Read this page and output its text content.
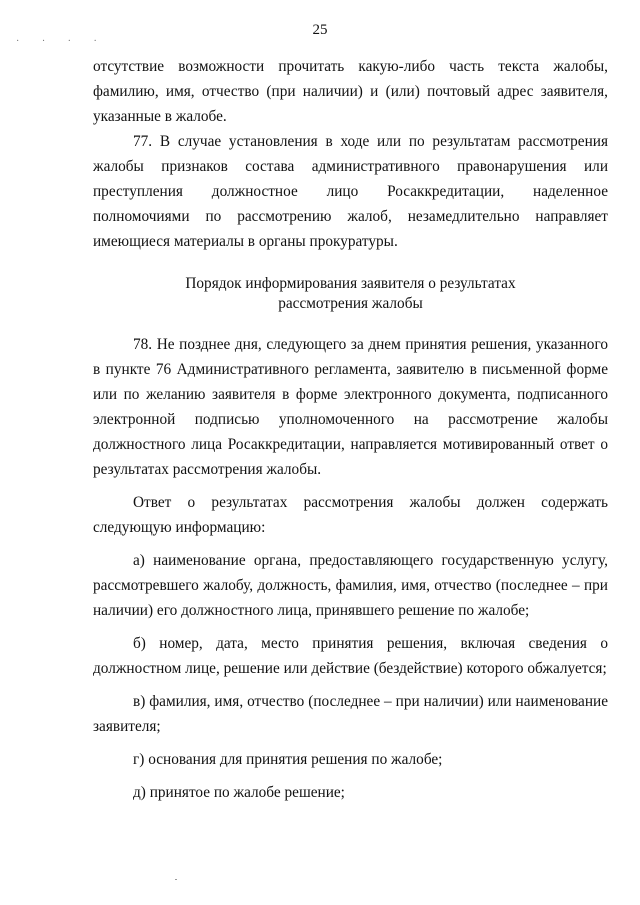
25
· · · ·

отсутствие возможности прочитать какую-либо часть текста жалобы, фамилию, имя, отчество (при наличии) и (или) почтовый адрес заявителя, указанные в жалобе.

77. В случае установления в ходе или по результатам рассмотрения жалобы признаков состава административного правонарушения или преступления должностное лицо Росаккредитации, наделенное полномочиями по рассмотрению жалоб, незамедлительно направляет имеющиеся материалы в органы прокуратуры.

Порядок информирования заявителя о результатах
рассмотрения жалобы

78. Не позднее дня, следующего за днем принятия решения, указанного в пункте 76 Административного регламента, заявителю в письменной форме или по желанию заявителя в форме электронного документа, подписанного электронной подписью уполномоченного на рассмотрение жалобы должностного лица Росаккредитации, направляется мотивированный ответ о результатах рассмотрения жалобы.

Ответ о результатах рассмотрения жалобы должен содержать следующую информацию:

а) наименование органа, предоставляющего государственную услугу, рассмотревшего жалобу, должность, фамилия, имя, отчество (последнее – при наличии) его должностного лица, принявшего решение по жалобе;

б) номер, дата, место принятия решения, включая сведения о должностном лице, решение или действие (бездействие) которого обжалуется;

в) фамилия, имя, отчество (последнее – при наличии) или наименование заявителя;

г) основания для принятия решения по жалобе;

д) принятое по жалобе решение;
